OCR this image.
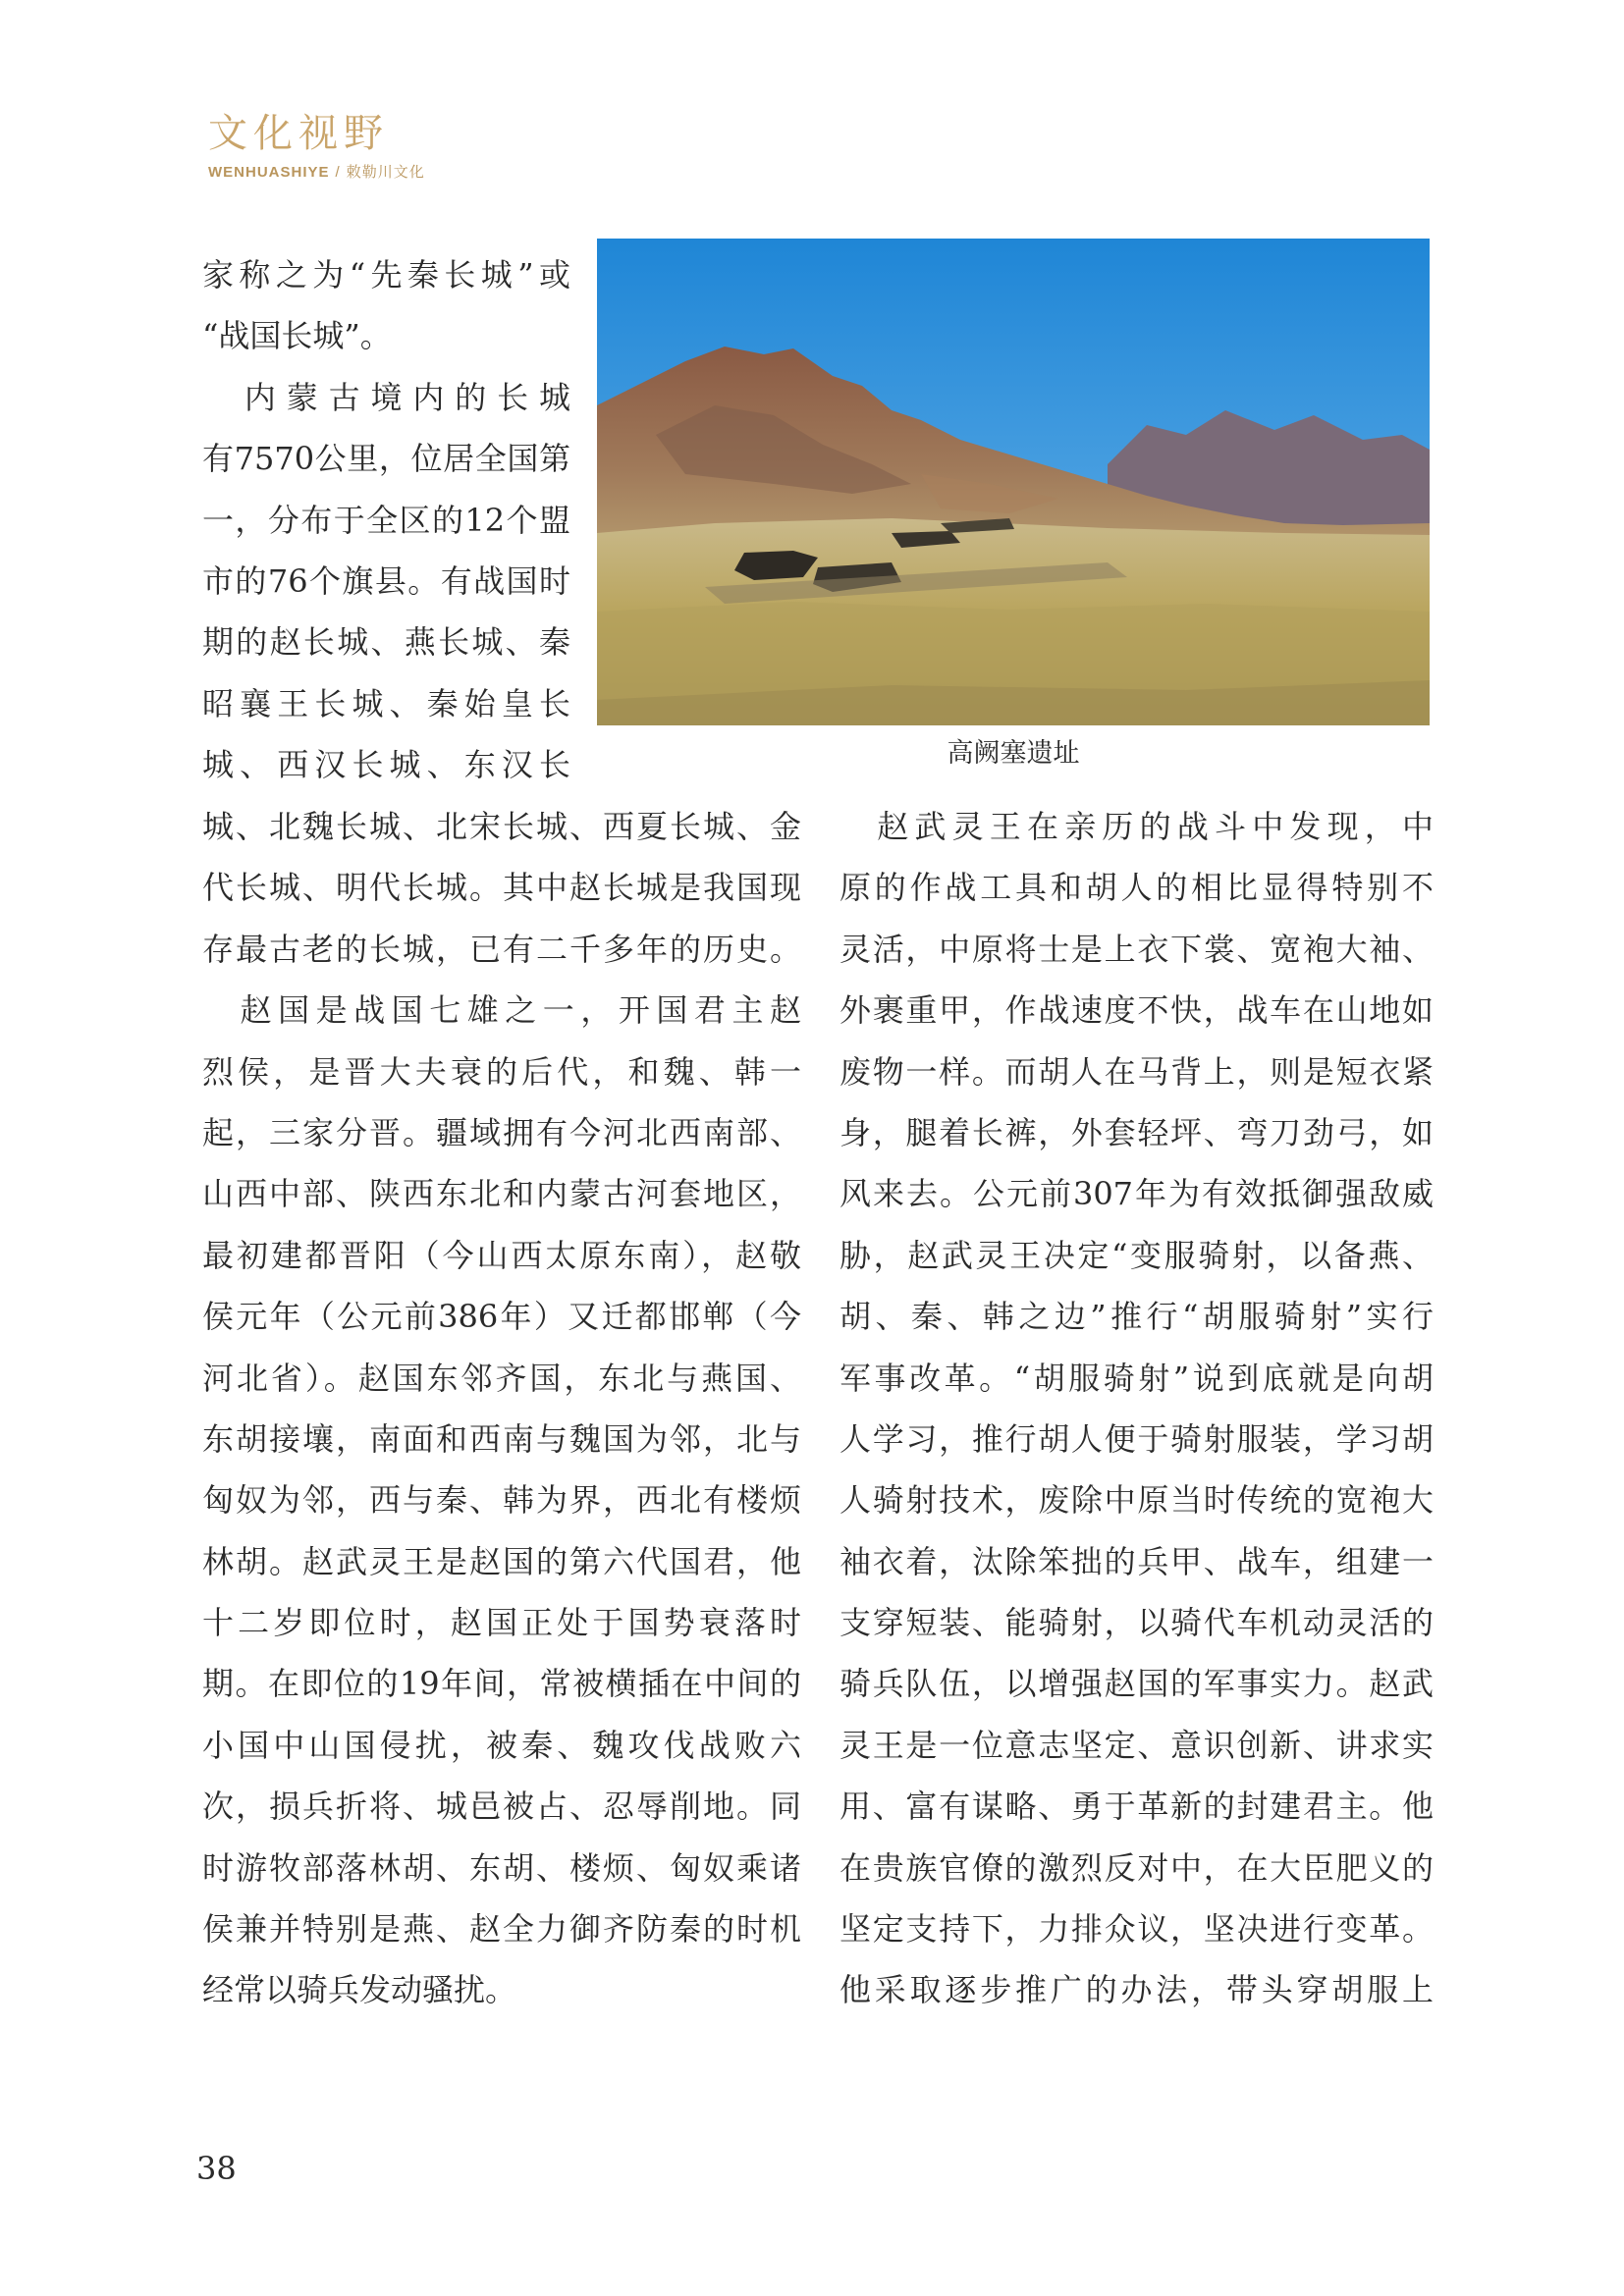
文化视野
WENHUASHIYE / 敕勒川文化
高阙塞遗址
家称之为“先秦长城”或
“战国长城”。
　内蒙古境内的长城
有7570公里，位居全国第
一，分布于全区的12个盟
市的76个旗县。有战国时
期的赵长城、燕长城、秦
昭襄王长城、秦始皇长
城、西汉长城、东汉长
城、北魏长城、北宋长城、西夏长城、金
代长城、明代长城。其中赵长城是我国现
存最古老的长城，已有二千多年的历史。
　赵国是战国七雄之一，开国君主赵
烈侯，是晋大夫衰的后代，和魏、韩一
起，三家分晋。疆域拥有今河北西南部、
山西中部、陕西东北和内蒙古河套地区，
最初建都晋阳（今山西太原东南），赵敬
侯元年（公元前386年）又迁都邯郸（今
河北省）。赵国东邻齐国，东北与燕国、
东胡接壤，南面和西南与魏国为邻，北与
匈奴为邻，西与秦、韩为界，西北有楼烦
林胡。赵武灵王是赵国的第六代国君，他
十二岁即位时，赵国正处于国势衰落时
期。在即位的19年间，常被横插在中间的
小国中山国侵扰，被秦、魏攻伐战败六
次，损兵折将、城邑被占、忍辱削地。同
时游牧部落林胡、东胡、楼烦、匈奴乘诸
侯兼并特别是燕、赵全力御齐防秦的时机
经常以骑兵发动骚扰。
　赵武灵王在亲历的战斗中发现，中
原的作战工具和胡人的相比显得特别不
灵活，中原将士是上衣下裳、宽袍大袖、
外裹重甲，作战速度不快，战车在山地如
废物一样。而胡人在马背上，则是短衣紧
身，腿着长裤，外套轻坪、弯刀劲弓，如
风来去。公元前307年为有效抵御强敌威
胁，赵武灵王决定“变服骑射，以备燕、
胡、秦、韩之边”推行“胡服骑射”实行
军事改革。“胡服骑射”说到底就是向胡
人学习，推行胡人便于骑射服装，学习胡
人骑射技术，废除中原当时传统的宽袍大
袖衣着，汰除笨拙的兵甲、战车，组建一
支穿短装、能骑射，以骑代车机动灵活的
骑兵队伍，以增强赵国的军事实力。赵武
灵王是一位意志坚定、意识创新、讲求实
用、富有谋略、勇于革新的封建君主。他
在贵族官僚的激烈反对中，在大臣肥义的
坚定支持下，力排众议，坚决进行变革。
他采取逐步推广的办法，带头穿胡服上
38
